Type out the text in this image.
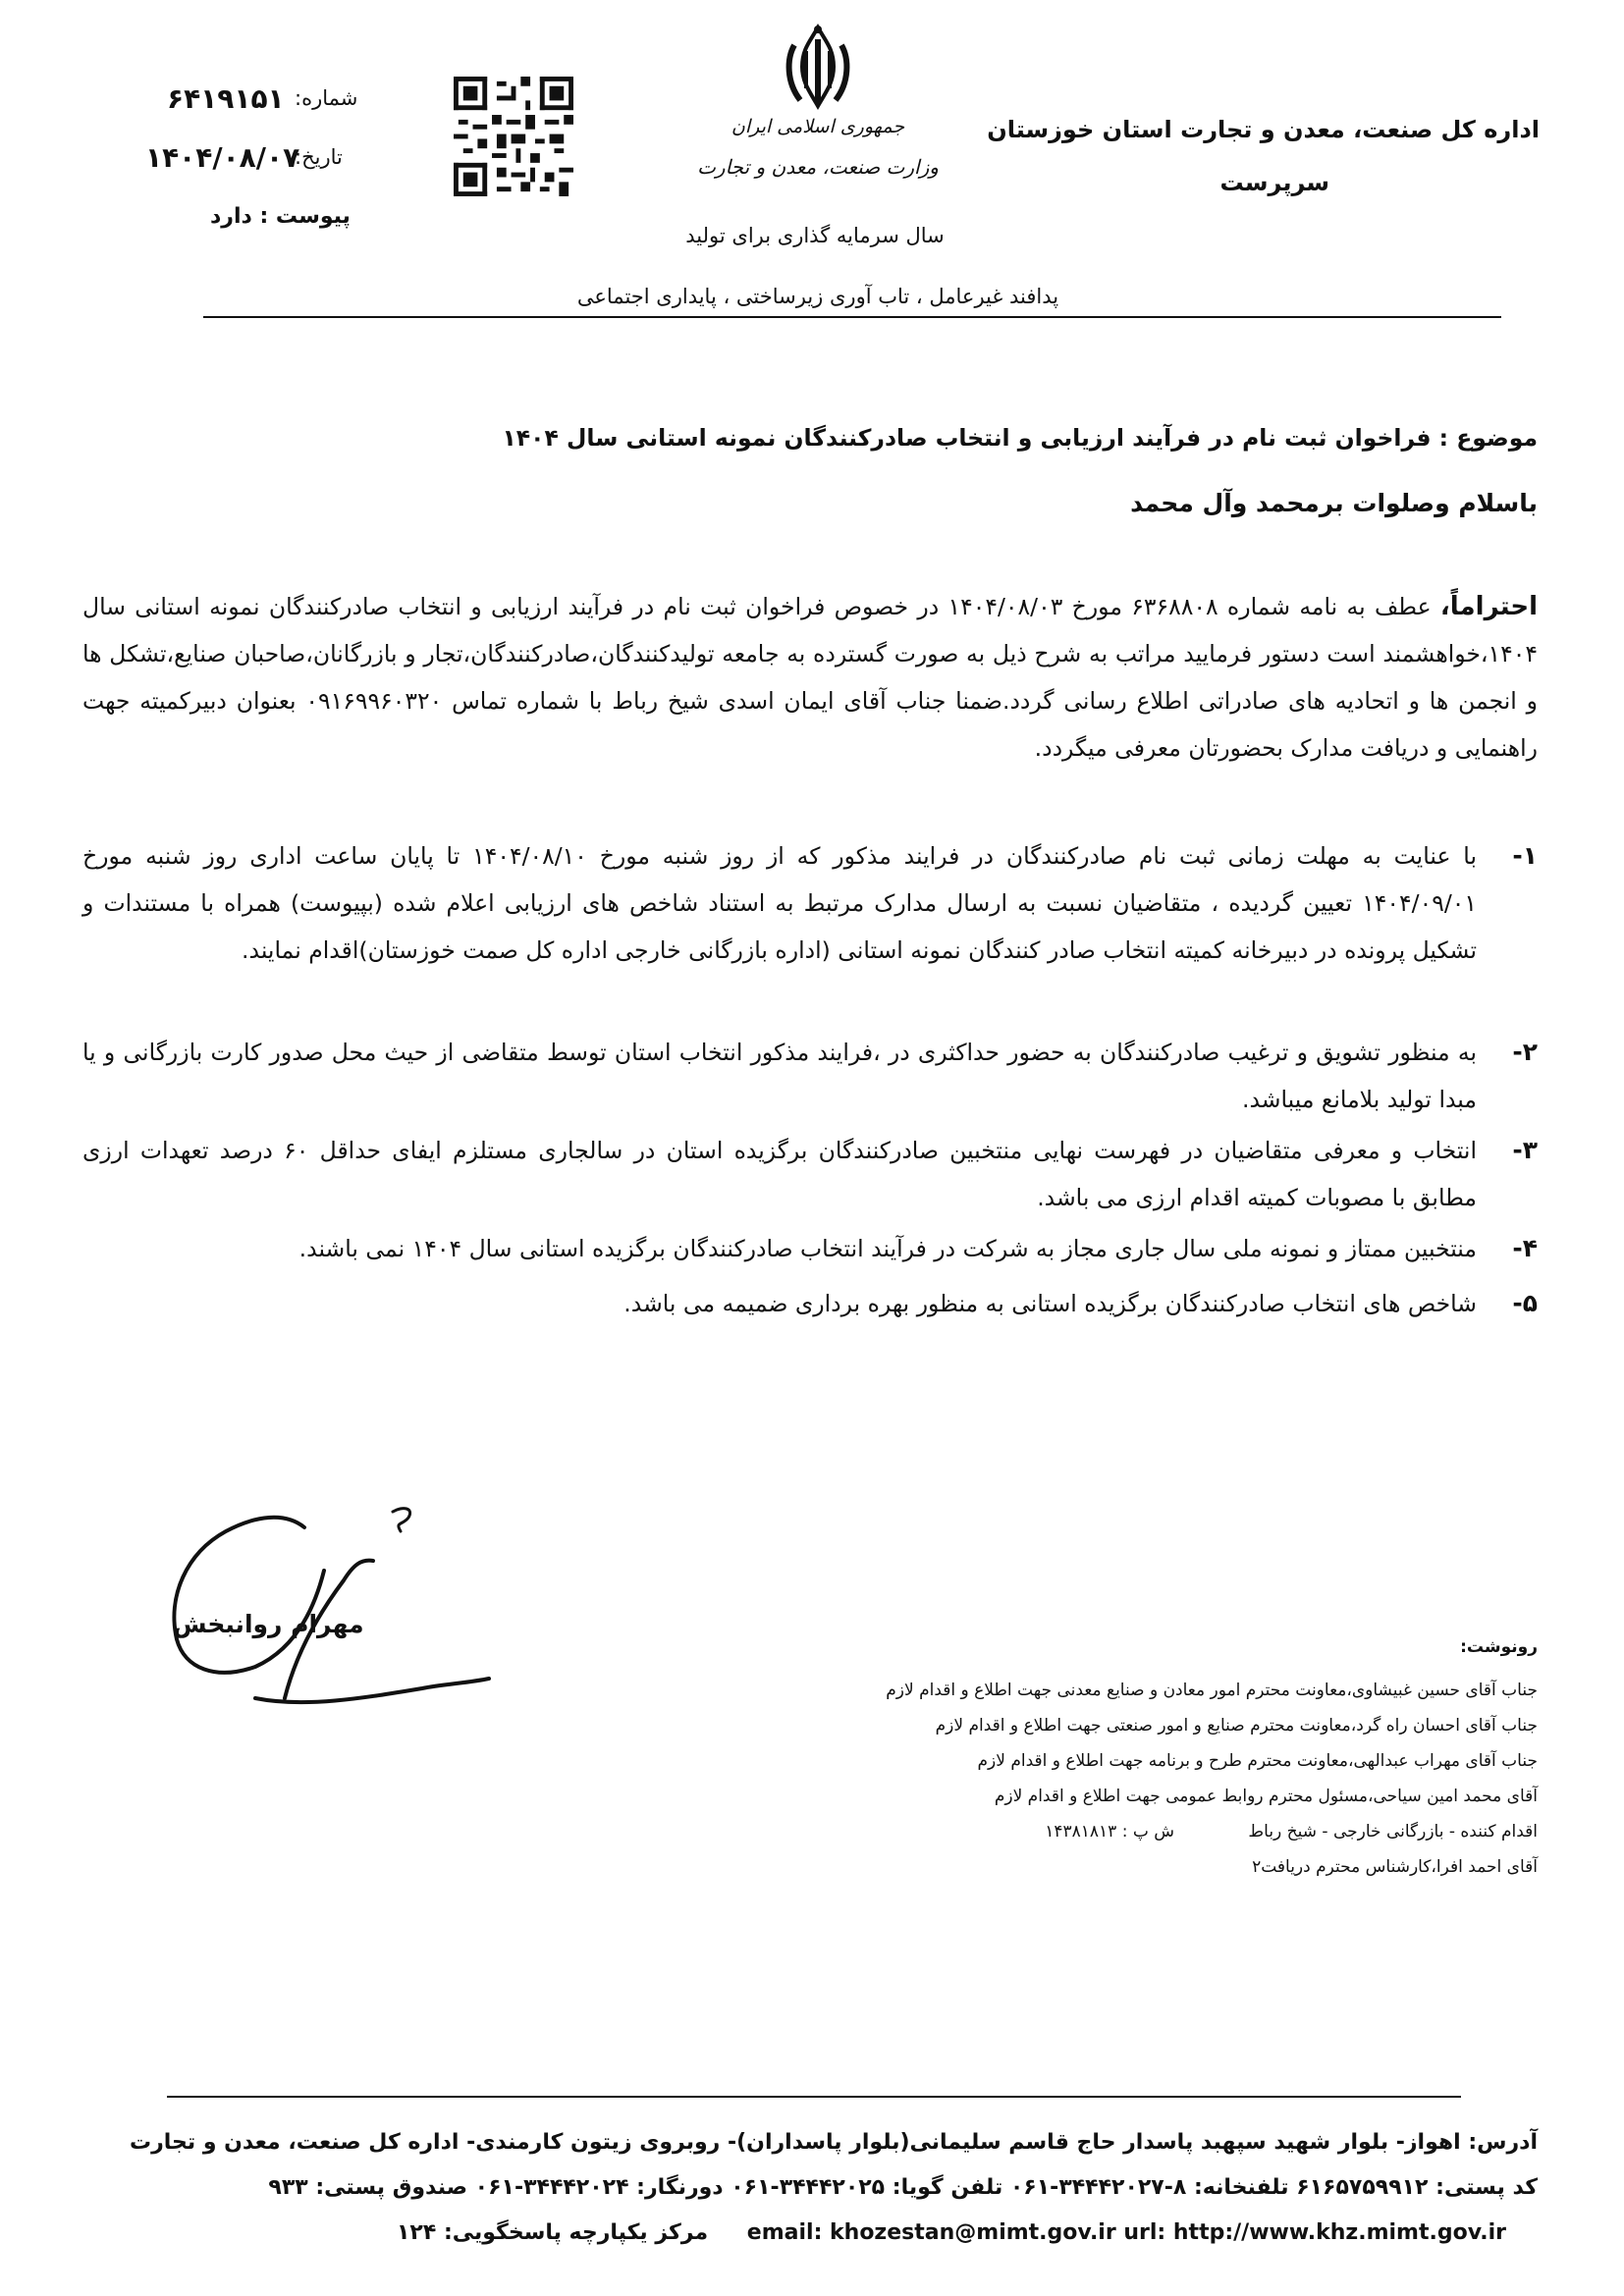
اداره کل صنعت، معدن و تجارت استان خوزستان
سرپرست
جمهوری اسلامی ایران
وزارت صنعت، معدن و تجارت
سال سرمایه گذاری برای تولید
پدافند غیرعامل ، تاب آوری زیرساختی ، پایداری اجتماعی
شماره:
۶۴۱۹۱۵۱
تاریخ:
۱۴۰۴/۰۸/۰۷
پیوست : دارد
موضوع : فراخوان ثبت نام در فرآیند ارزیابی و انتخاب صادرکنندگان نمونه استانی سال ۱۴۰۴
باسلام وصلوات برمحمد وآل محمد
احتراماً، عطف به نامه شماره ۶۳۶۸۸۰۸ مورخ ۱۴۰۴/۰۸/۰۳ در خصوص فراخوان ثبت نام در فرآیند ارزیابی و انتخاب صادرکنندگان نمونه استانی سال ۱۴۰۴،خواهشمند است دستور فرمایید مراتب به شرح ذیل به صورت گسترده به جامعه تولیدکنندگان،صادرکنندگان،تجار و بازرگانان،صاحبان صنایع،تشکل ها و انجمن ها و اتحادیه های صادراتی اطلاع رسانی گردد.ضمنا جناب آقای ایمان اسدی شیخ رباط با شماره تماس ۰۹۱۶۹۹۶۰۳۲۰ بعنوان دبیرکمیته جهت راهنمایی و دریافت مدارک بحضورتان معرفی میگردد.
۱-
با عنایت به مهلت زمانی ثبت نام صادرکنندگان در فرایند مذکور که از روز شنبه مورخ ۱۴۰۴/۰۸/۱۰ تا پایان ساعت اداری روز شنبه مورخ ۱۴۰۴/۰۹/۰۱ تعیین گردیده ، متقاضیان نسبت به ارسال مدارک مرتبط به استناد شاخص های ارزیابی اعلام شده (بپیوست) همراه با مستندات و تشکیل پرونده در دبیرخانه کمیته انتخاب صادر کنندگان نمونه استانی (اداره بازرگانی خارجی اداره کل صمت خوزستان)اقدام نمایند.
۲-
به منظور تشویق و ترغیب صادرکنندگان به حضور حداکثری در ،فرایند مذکور انتخاب استان توسط متقاضی از حیث محل صدور کارت بازرگانی و یا مبدا تولید بلامانع میباشد.
۳-
انتخاب و معرفی متقاضیان در فهرست نهایی منتخبین صادرکنندگان برگزیده استان در سالجاری مستلزم ایفای حداقل ۶۰ درصد تعهدات ارزی مطابق با مصوبات کمیته اقدام ارزی می باشد.
۴-
منتخبین ممتاز و نمونه ملی سال جاری مجاز به شرکت در فرآیند انتخاب صادرکنندگان برگزیده استانی سال ۱۴۰۴ نمی باشند.
۵-
شاخص های انتخاب صادرکنندگان برگزیده استانی به منظور بهره برداری ضمیمه می باشد.
مهرام روانبخش
رونوشت:
جناب آقای حسین غبیشاوی،معاونت محترم امور معادن و صنایع معدنی جهت اطلاع و اقدام لازم
جناب آقای احسان راه گرد،معاونت محترم صنایع و امور صنعتی جهت اطلاع و اقدام لازم
جناب آقای مهراب عبدالهی،معاونت محترم طرح و برنامه جهت اطلاع و اقدام لازم
آقای محمد امین سیاحی،مسئول محترم روابط عمومی جهت اطلاع و اقدام لازم
اقدام کننده - بازرگانی خارجی - شیخ رباط ش پ : ۱۴۳۸۱۸۱۳
آقای احمد افرا،کارشناس محترم دریافت۲
آدرس: اهواز- بلوار شهید سپهبد پاسدار حاج قاسم سلیمانی(بلوار پاسداران)- روبروی زیتون کارمندی- اداره کل صنعت، معدن و تجارت
کد پستی: ۶۱۶۵۷۵۹۹۱۲ تلفنخانه: ۸-۳۴۴۴۲۰۲۷-۰۶۱ تلفن گویا: ۳۴۴۴۲۰۲۵-۰۶۱ دورنگار: ۳۴۴۴۲۰۲۴-۰۶۱ صندوق پستی: ۹۳۳
email: khozestan@mimt.gov.ir url: http://www.khz.mimt.gov.ir مرکز یکپارچه پاسخگویی: ۱۲۴
